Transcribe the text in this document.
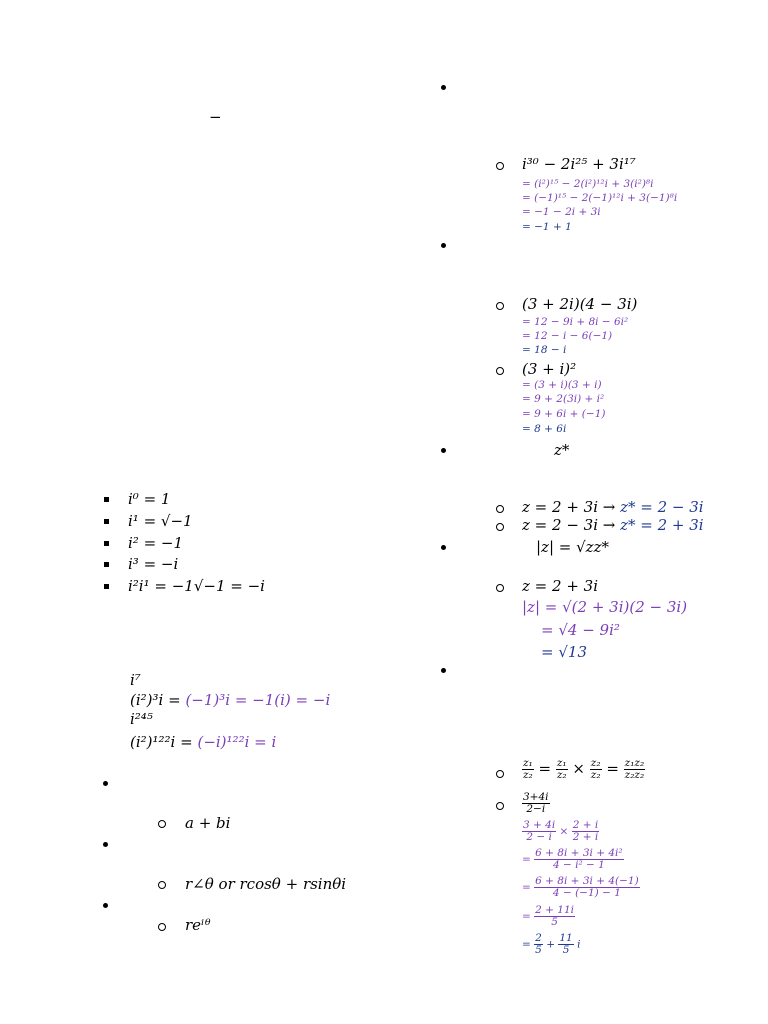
−
i⁰ = 1
i¹ = √−1
i² = −1
i³ = −i
i²i¹ = −1√−1 = −i
i⁷
(i²)³i = (−1)³i = −1(i) = −i
i²⁴⁵
(i²)¹²²i = (−i)¹²²i = i
a + bi
r∠θ or rcosθ + rsinθi
reⁱᶿ
i³⁰ − 2i²⁵ + 3i¹⁷
= (i²)¹⁵ − 2(i²)¹²i + 3(i²)⁸i
= (−1)¹⁵ − 2(−1)¹²i + 3(−1)⁸i
= −1 − 2i + 3i
= −1 + 1
(3 + 2i)(4 − 3i)
= 12 − 9i + 8i − 6i²
= 12 − i − 6(−1)
= 18 − i
(3 + i)²
= (3 + i)(3 + i)
= 9 + 2(3i) + i²
= 9 + 6i + (−1)
= 8 + 6i
z*
z = 2 + 3i → z* = 2 − 3i
z = 2 − 3i → z* = 2 + 3i
|z| = √zz*
z = 2 + 3i
|z| = √(2 + 3i)(2 − 3i)
= √4 − 9i²
= √13
$\frac{\text{z₁}}{\text{z₂}} = \frac{\text{z₁}}{\text{z₂}} \times \frac{\text{z₂}}{\text{z₂}} = \frac{\text{z₁z₂}}{\text{z₂z₂}}$
$\frac{3+4i}{2-i}$
$\frac{3 + 4i}{2 - i} \times \frac{2 + i}{2 + i}$
= $\frac{\text{6 + 8i + 3i + 4i²}}{\text{4 − i² − 1}}$
= $\frac{6 + 8i + 3i + 4(-1)}{4 - (-1) - 1}$
= $\frac{2 + 11i}{5}$
= $\frac{2}{5} + \frac{11}{5}$ i
